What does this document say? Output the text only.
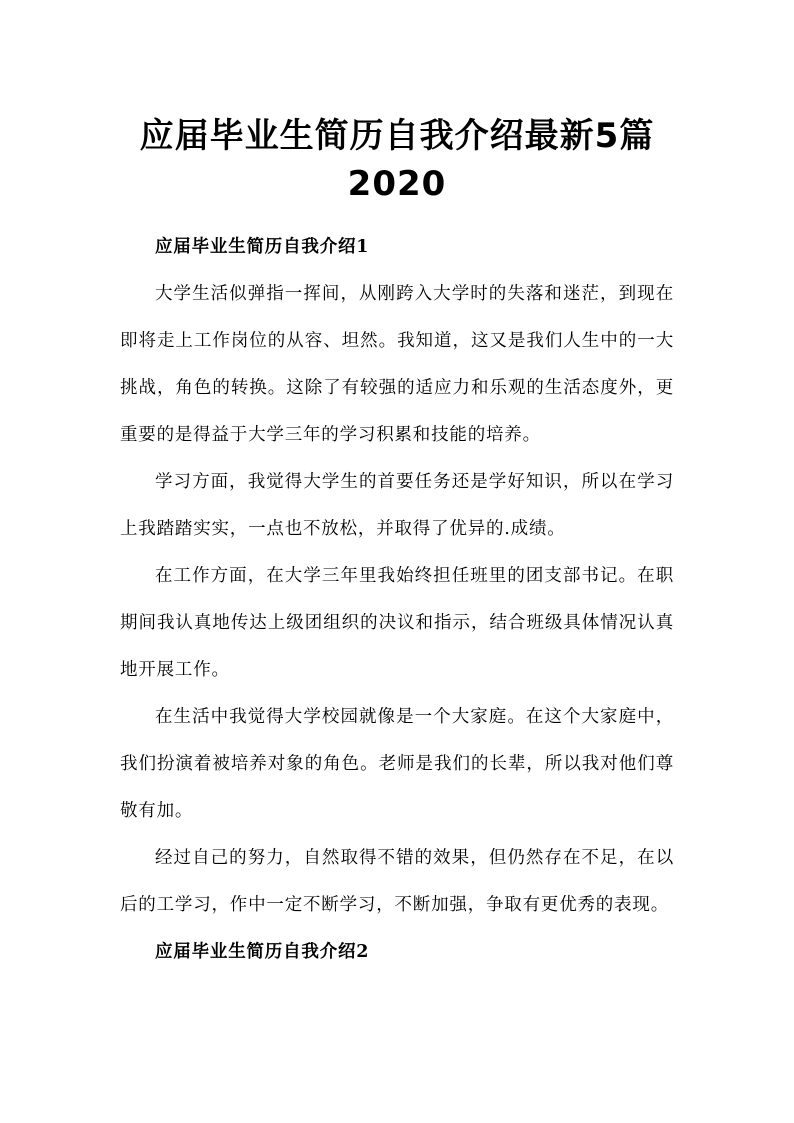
应届毕业生简历自我介绍最新5篇
2020

应届毕业生简历自我介绍1

大学生活似弹指一挥间，从刚跨入大学时的失落和迷茫，到现在即将走上工作岗位的从容、坦然。我知道，这又是我们人生中的一大挑战，角色的转换。这除了有较强的适应力和乐观的生活态度外，更重要的是得益于大学三年的学习积累和技能的培养。

学习方面，我觉得大学生的首要任务还是学好知识，所以在学习上我踏踏实实，一点也不放松，并取得了优异的.成绩。

在工作方面，在大学三年里我始终担任班里的团支部书记。在职期间我认真地传达上级团组织的决议和指示，结合班级具体情况认真地开展工作。

在生活中我觉得大学校园就像是一个大家庭。在这个大家庭中，我们扮演着被培养对象的角色。老师是我们的长辈，所以我对他们尊敬有加。

经过自己的努力，自然取得不错的效果，但仍然存在不足，在以后的工学习，作中一定不断学习，不断加强，争取有更优秀的表现。

应届毕业生简历自我介绍2
